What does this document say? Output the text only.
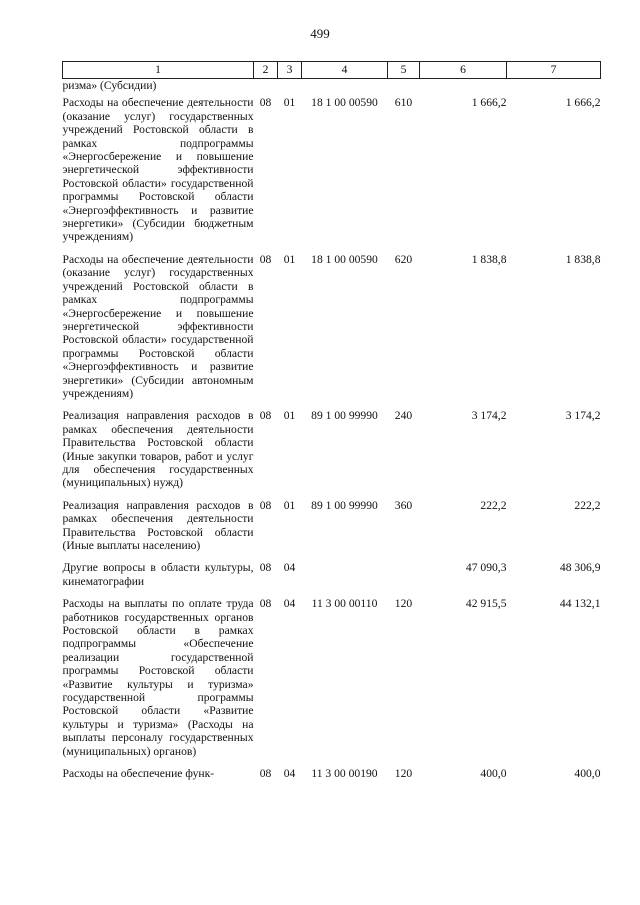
499
1	2	3	4	5	6	7
ризма» (Субсидии)						
Расходы на обеспечение деятельности (оказание услуг) государственных учреждений Ростовской области в рамках подпрограммы «Энергосбережение и повышение энергетической эффективности Ростовской области» государственной программы Ростовской области «Энергоэффективность и развитие энергетики» (Субсидии бюджетным учреждениям)	08	01	18 1 00 00590	610	1 666,2	1 666,2
Расходы на обеспечение деятельности (оказание услуг) государственных учреждений Ростовской области в рамках подпрограммы «Энергосбережение и повышение энергетической эффективности Ростовской области» государственной программы Ростовской области «Энергоэффективность и развитие энергетики» (Субсидии автономным учреждениям)	08	01	18 1 00 00590	620	1 838,8	1 838,8
Реализация направления расходов в рамках обеспечения деятельности Правительства Ростовской области (Иные закупки товаров, работ и услуг для обеспечения государственных (муниципальных) нужд)	08	01	89 1 00 99990	240	3 174,2	3 174,2
Реализация направления расходов в рамках обеспечения деятельности Правительства Ростовской области (Иные выплаты населению)	08	01	89 1 00 99990	360	222,2	222,2
Другие вопросы в области культуры, кинематографии	08	04			47 090,3	48 306,9
Расходы на выплаты по оплате труда работников государственных органов Ростовской области в рамках подпрограммы «Обеспечение реализации государственной программы Ростовской области «Развитие культуры и туризма» государственной программы Ростовской области «Развитие культуры и туризма» (Расходы на выплаты персоналу государственных (муниципальных) органов)	08	04	11 3 00 00110	120	42 915,5	44 132,1
Расходы на обеспечение функ-	08	04	11 3 00 00190	120	400,0	400,0
